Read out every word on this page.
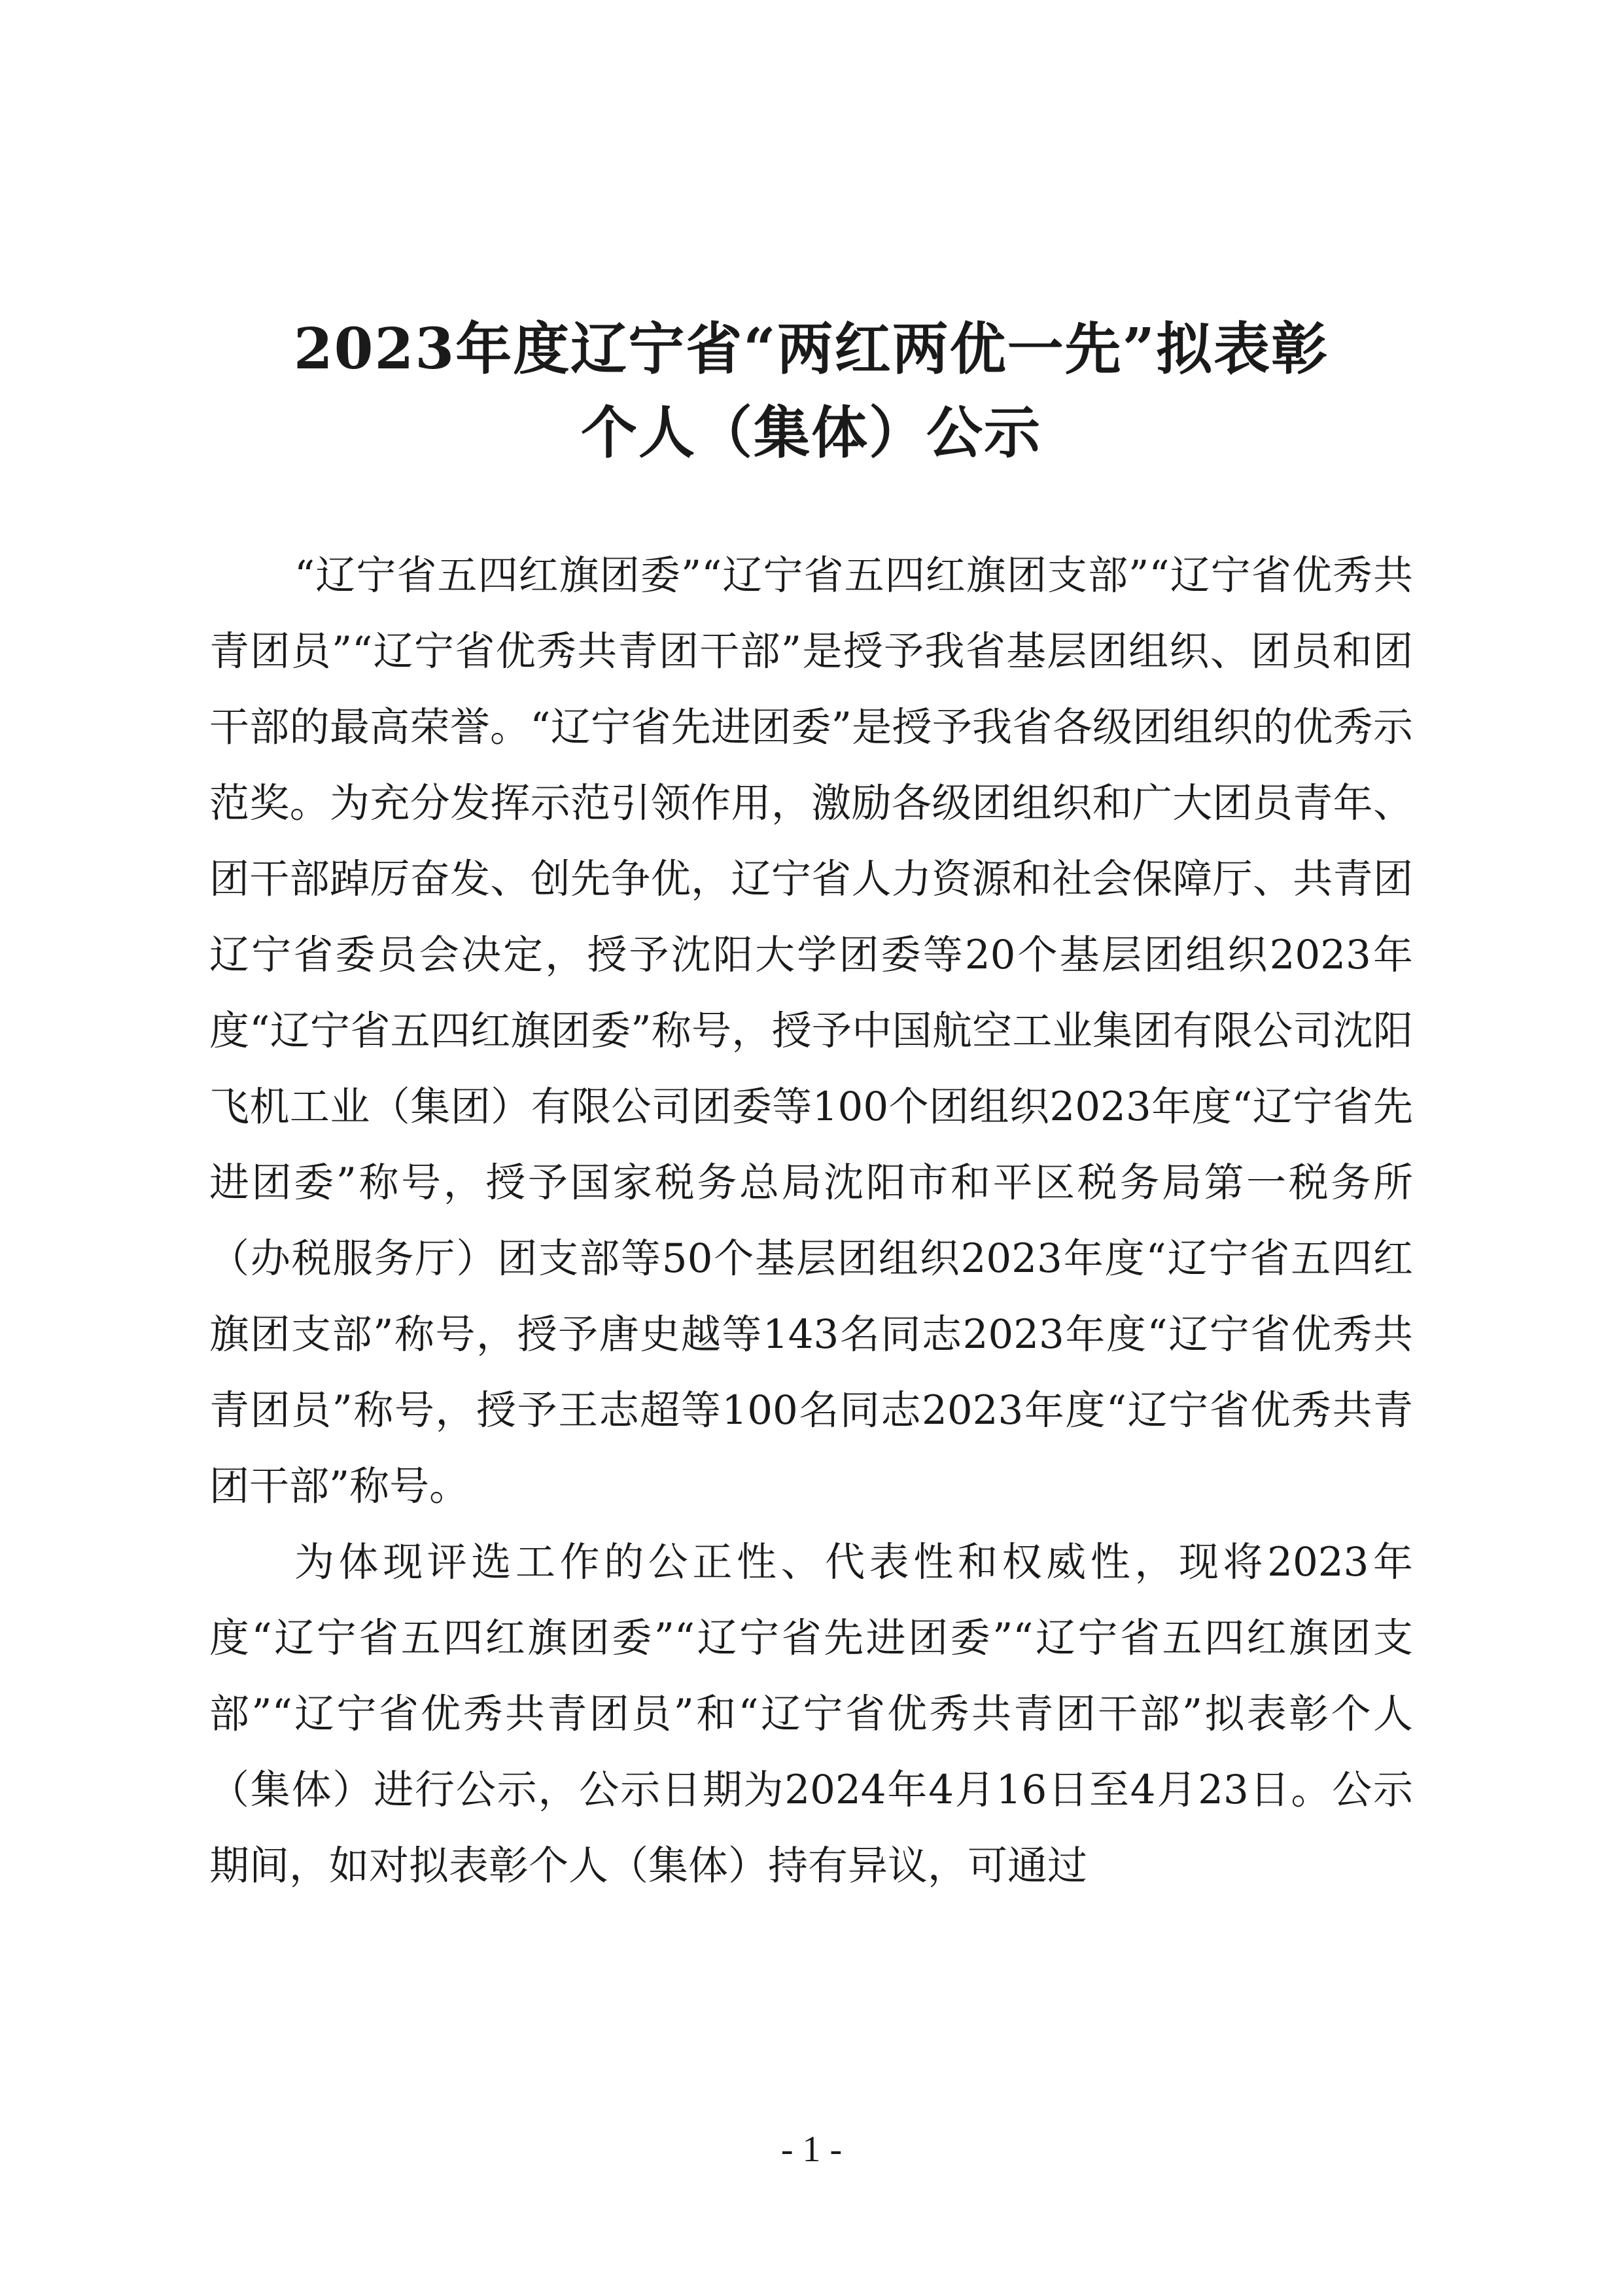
2023年度辽宁省“两红两优一先”拟表彰
个人（集体）公示

“辽宁省五四红旗团委”“辽宁省五四红旗团支部”“辽宁省优秀共青团员”“辽宁省优秀共青团干部”是授予我省基层团组织、团员和团干部的最高荣誉。“辽宁省先进团委”是授予我省各级团组织的优秀示范奖。为充分发挥示范引领作用，激励各级团组织和广大团员青年、团干部踔厉奋发、创先争优，辽宁省人力资源和社会保障厅、共青团辽宁省委员会决定，授予沈阳大学团委等20个基层团组织2023年度“辽宁省五四红旗团委”称号，授予中国航空工业集团有限公司沈阳飞机工业（集团）有限公司团委等100个团组织2023年度“辽宁省先进团委”称号，授予国家税务总局沈阳市和平区税务局第一税务所（办税服务厅）团支部等50个基层团组织2023年度“辽宁省五四红旗团支部”称号，授予唐史越等143名同志2023年度“辽宁省优秀共青团员”称号，授予王志超等100名同志2023年度“辽宁省优秀共青团干部”称号。

为体现评选工作的公正性、代表性和权威性，现将2023年度“辽宁省五四红旗团委”“辽宁省先进团委”“辽宁省五四红旗团支部”“辽宁省优秀共青团员”和“辽宁省优秀共青团干部”拟表彰个人（集体）进行公示，公示日期为2024年4月16日至4月23日。公示期间，如对拟表彰个人（集体）持有异议，可通过

- 1 -
